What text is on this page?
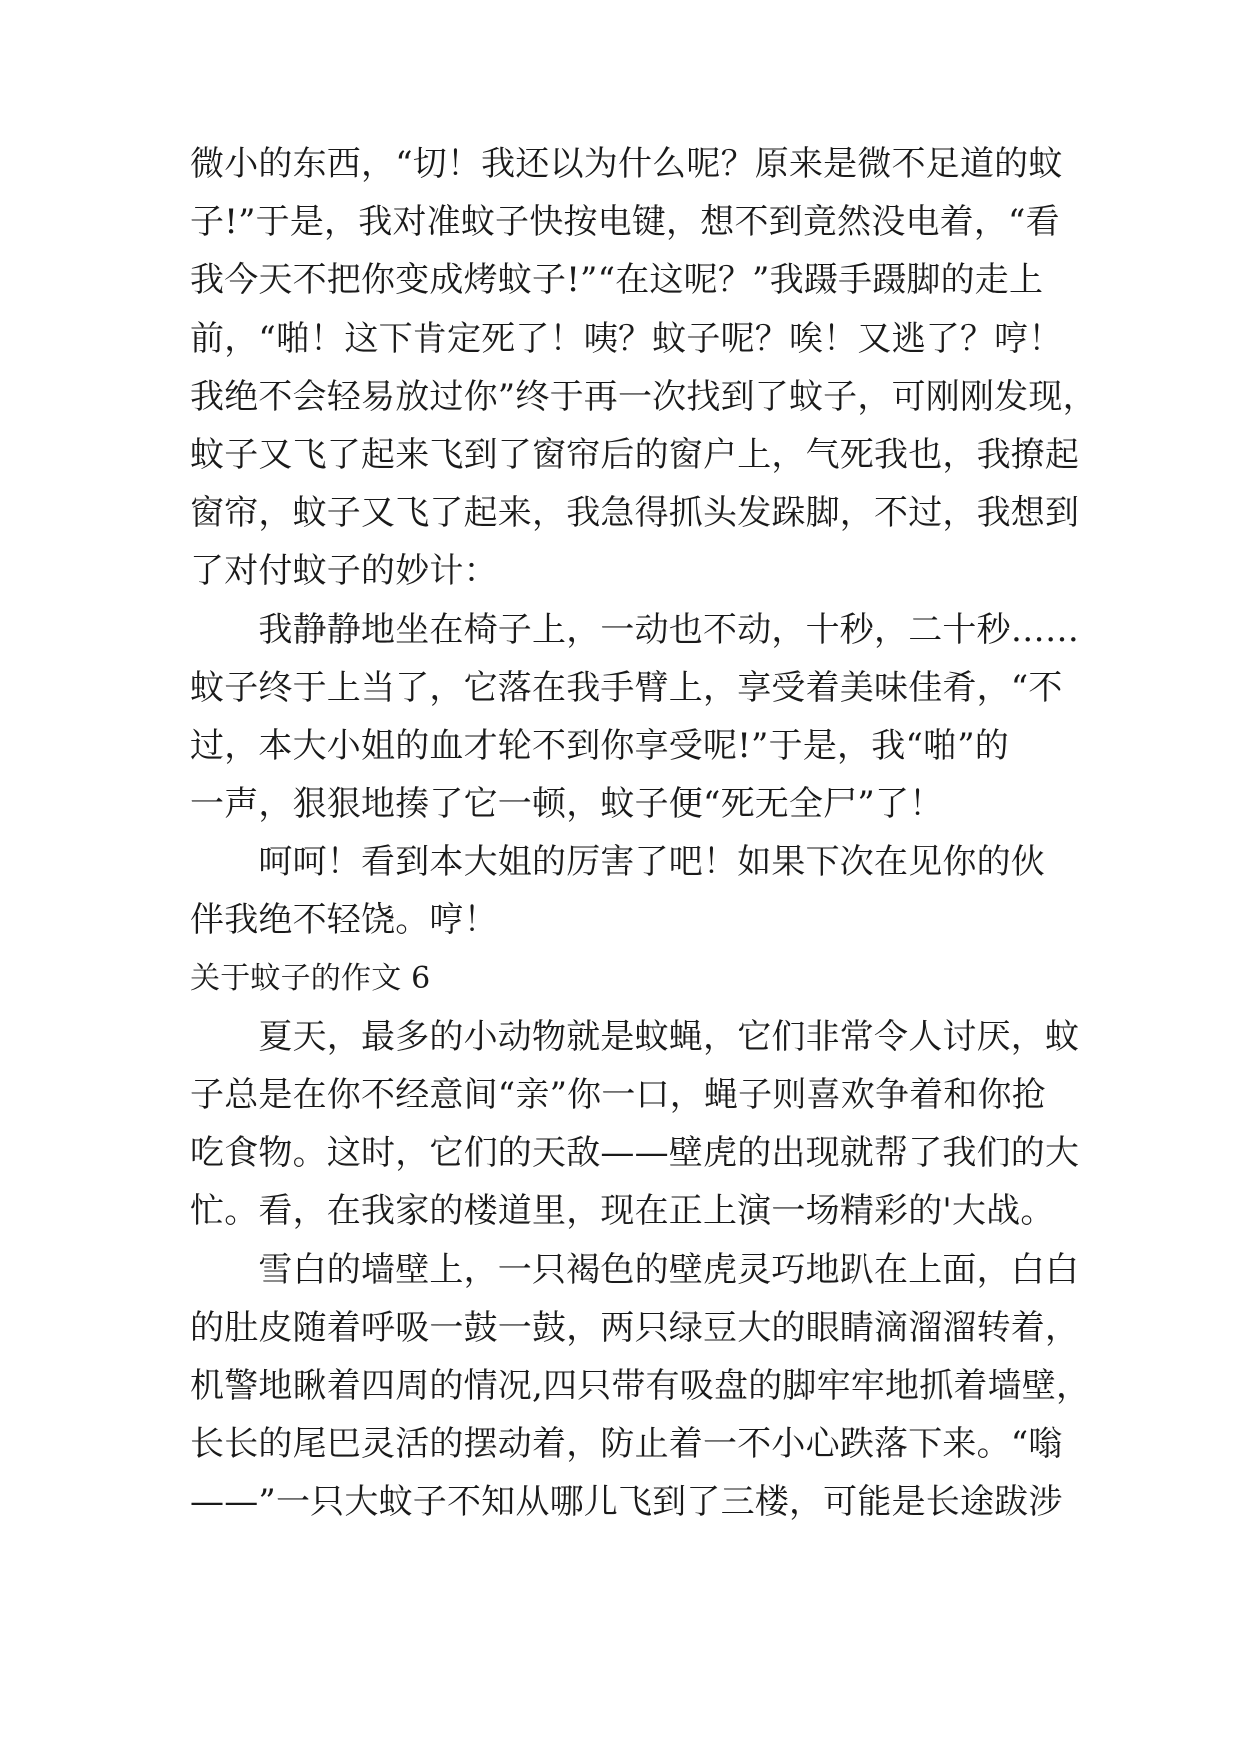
微小的东西，“切！我还以为什么呢？原来是微不足道的蚊
子!”于是，我对准蚊子快按电键，想不到竟然没电着，“看
我今天不把你变成烤蚊子!”“在这呢？”我蹑手蹑脚的走上
前，“啪！这下肯定死了！咦？蚊子呢？唉！又逃了？哼！
我绝不会轻易放过你”终于再一次找到了蚊子，可刚刚发现，
蚊子又飞了起来飞到了窗帘后的窗户上，气死我也，我撩起
窗帘，蚊子又飞了起来，我急得抓头发跺脚，不过，我想到
了对付蚊子的妙计：
　　我静静地坐在椅子上，一动也不动，十秒，二十秒……
蚊子终于上当了，它落在我手臂上，享受着美味佳肴，“不
过，本大小姐的血才轮不到你享受呢!”于是，我“啪”的
一声，狠狠地揍了它一顿，蚊子便“死无全尸”了！
　　呵呵！看到本大姐的厉害了吧！如果下次在见你的伙
伴我绝不轻饶。哼！
关于蚊子的作文 6
　　夏天，最多的小动物就是蚊蝇，它们非常令人讨厌，蚊
子总是在你不经意间“亲”你一口，蝇子则喜欢争着和你抢
吃食物。这时，它们的天敌——壁虎的出现就帮了我们的大
忙。看，在我家的楼道里，现在正上演一场精彩的'大战。
　　雪白的墙壁上，一只褐色的壁虎灵巧地趴在上面，白白
的肚皮随着呼吸一鼓一鼓，两只绿豆大的眼睛滴溜溜转着，
机警地瞅着四周的情况,四只带有吸盘的脚牢牢地抓着墙壁，
长长的尾巴灵活的摆动着，防止着一不小心跌落下来。“嗡
——”一只大蚊子不知从哪儿飞到了三楼，可能是长途跋涉
